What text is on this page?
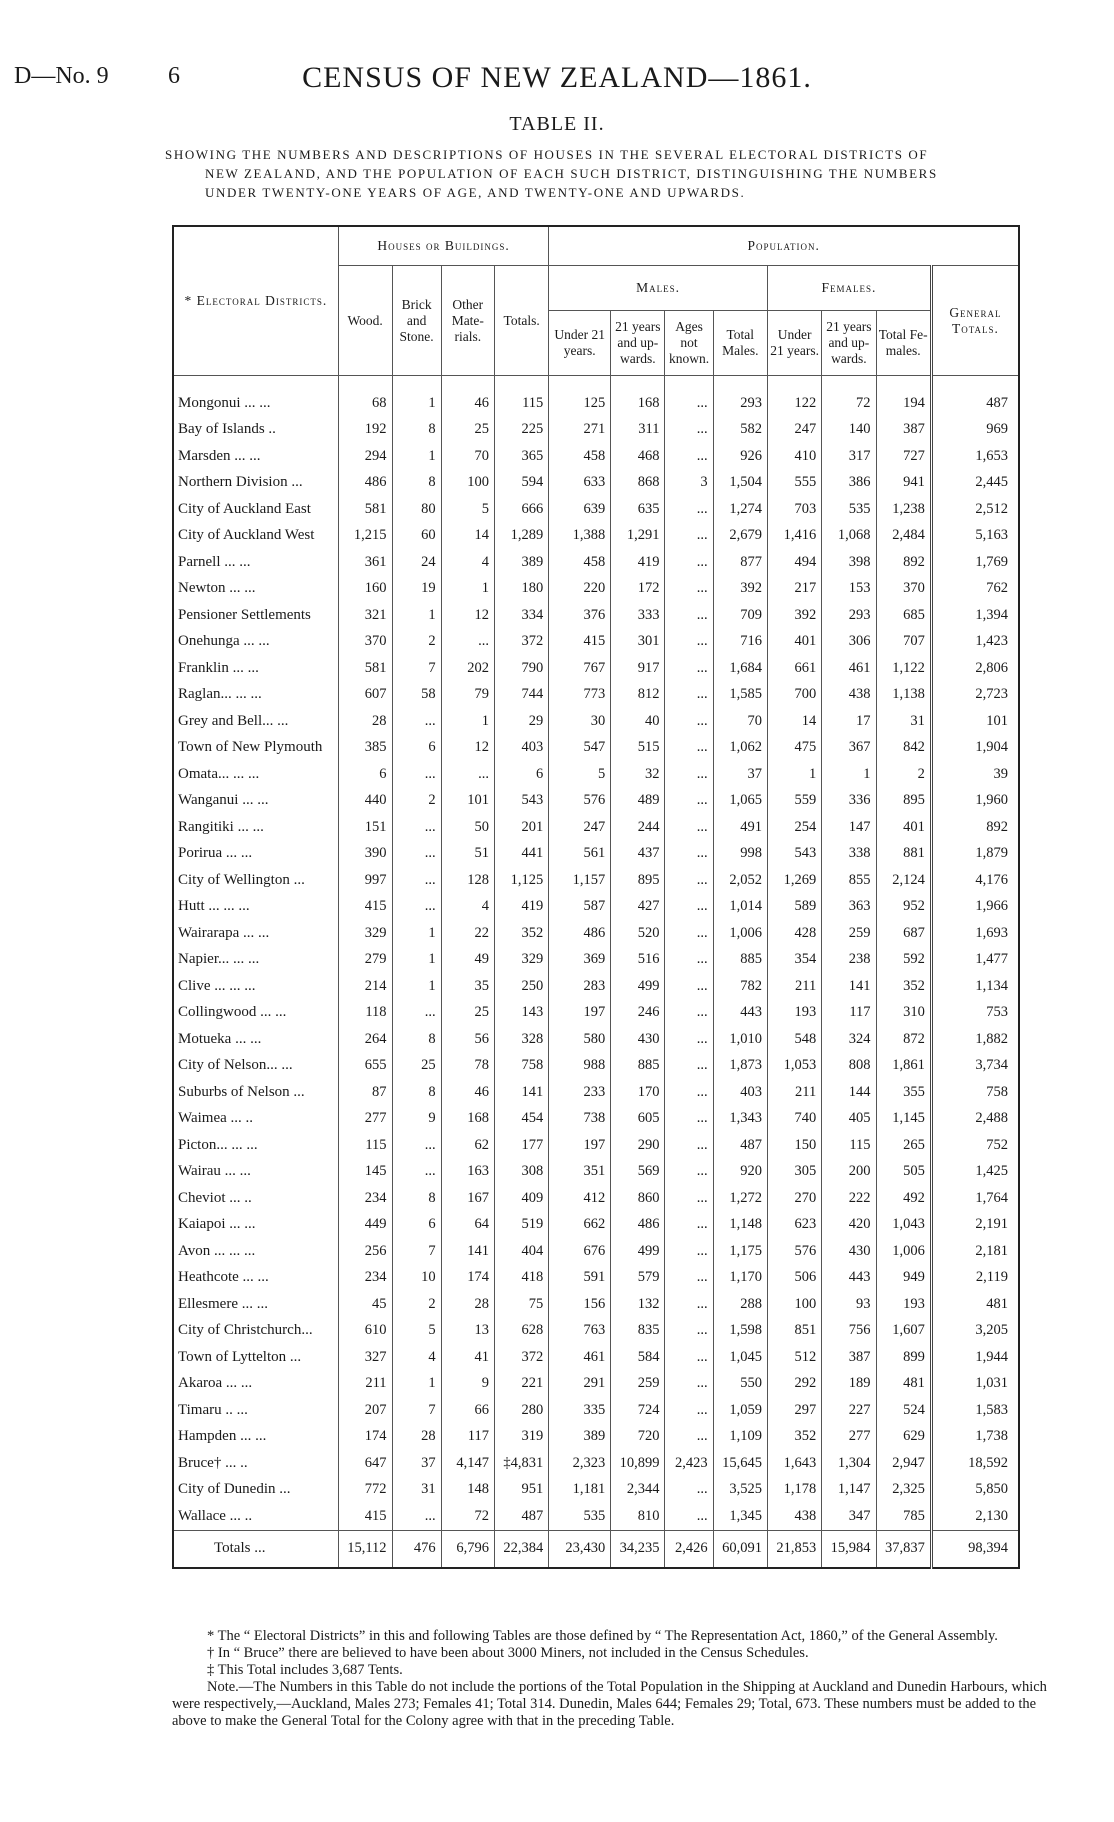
D—No. 9 6	CENSUS OF NEW ZEALAND—1861.
TABLE II.
SHOWING THE NUMBERS AND DESCRIPTIONS OF HOUSES IN THE SEVERAL ELECTORAL DISTRICTS OF
NEW ZEALAND, AND THE POPULATION OF EACH SUCH DISTRICT, DISTINGUISHING THE NUMBERS
UNDER TWENTY-ONE YEARS OF AGE, AND TWENTY-ONE AND UPWARDS.
* Electoral Districts.	Houses or Buildings.				Population.							
	Wood.	Brick and Stone.	Other Mate-rials.	Totals.	Males.				Females.			General Totals.
					Under 21 years.	21 years and up-wards.	Ages not known.	Total Males.	Under 21 years.	21 years and up-wards.	Total Fe-males.	
Mongonui ... ...	68	1	46	115	125	168	...	293	122	72	194	487
Bay of Islands ..	192	8	25	225	271	311	...	582	247	140	387	969
Marsden ... ...	294	1	70	365	458	468	...	926	410	317	727	1,653
Northern Division ...	486	8	100	594	633	868	3	1,504	555	386	941	2,445
City of Auckland East	581	80	5	666	639	635	...	1,274	703	535	1,238	2,512
City of Auckland West	1,215	60	14	1,289	1,388	1,291	...	2,679	1,416	1,068	2,484	5,163
Parnell ... ...	361	24	4	389	458	419	...	877	494	398	892	1,769
Newton ... ...	160	19	1	180	220	172	...	392	217	153	370	762
Pensioner Settlements	321	1	12	334	376	333	...	709	392	293	685	1,394
Onehunga ... ...	370	2	...	372	415	301	...	716	401	306	707	1,423
Franklin ... ...	581	7	202	790	767	917	...	1,684	661	461	1,122	2,806
Raglan... ... ...	607	58	79	744	773	812	...	1,585	700	438	1,138	2,723
Grey and Bell... ...	28	...	1	29	30	40	...	70	14	17	31	101
Town of New Plymouth	385	6	12	403	547	515	...	1,062	475	367	842	1,904
Omata... ... ...	6	...	...	6	5	32	...	37	1	1	2	39
Wanganui ... ...	440	2	101	543	576	489	...	1,065	559	336	895	1,960
Rangitiki ... ...	151	...	50	201	247	244	...	491	254	147	401	892
Porirua ... ...	390	...	51	441	561	437	...	998	543	338	881	1,879
City of Wellington ...	997	...	128	1,125	1,157	895	...	2,052	1,269	855	2,124	4,176
Hutt ... ... ...	415	...	4	419	587	427	...	1,014	589	363	952	1,966
Wairarapa ... ...	329	1	22	352	486	520	...	1,006	428	259	687	1,693
Napier... ... ...	279	1	49	329	369	516	...	885	354	238	592	1,477
Clive ... ... ...	214	1	35	250	283	499	...	782	211	141	352	1,134
Collingwood ... ...	118	...	25	143	197	246	...	443	193	117	310	753
Motueka ... ...	264	8	56	328	580	430	...	1,010	548	324	872	1,882
City of Nelson... ...	655	25	78	758	988	885	...	1,873	1,053	808	1,861	3,734
Suburbs of Nelson ...	87	8	46	141	233	170	...	403	211	144	355	758
Waimea ... ..	277	9	168	454	738	605	...	1,343	740	405	1,145	2,488
Picton... ... ...	115	...	62	177	197	290	...	487	150	115	265	752
Wairau ... ...	145	...	163	308	351	569	...	920	305	200	505	1,425
Cheviot ... ..	234	8	167	409	412	860	...	1,272	270	222	492	1,764
Kaiapoi ... ...	449	6	64	519	662	486	...	1,148	623	420	1,043	2,191
Avon ... ... ...	256	7	141	404	676	499	...	1,175	576	430	1,006	2,181
Heathcote ... ...	234	10	174	418	591	579	...	1,170	506	443	949	2,119
Ellesmere ... ...	45	2	28	75	156	132	...	288	100	93	193	481
City of Christchurch...	610	5	13	628	763	835	...	1,598	851	756	1,607	3,205
Town of Lyttelton ...	327	4	41	372	461	584	...	1,045	512	387	899	1,944
Akaroa ... ...	211	1	9	221	291	259	...	550	292	189	481	1,031
Timaru .. ...	207	7	66	280	335	724	...	1,059	297	227	524	1,583
Hampden ... ...	174	28	117	319	389	720	...	1,109	352	277	629	1,738
Bruce† ... ..	647	37	4,147	‡4,831	2,323	10,899	2,423	15,645	1,643	1,304	2,947	18,592
City of Dunedin ...	772	31	148	951	1,181	2,344	...	3,525	1,178	1,147	2,325	5,850
Wallace ... ..	415	...	72	487	535	810	...	1,345	438	347	785	2,130
Totals ...	15,112	476	6,796	22,384	23,430	34,235	2,426	60,091	21,853	15,984	37,837	98,394

* The “ Electoral Districts” in this and following Tables are those defined by “ The Representation Act, 1860,” of the General Assembly.

† In “ Bruce” there are believed to have been about 3000 Miners, not included in the Census Schedules.

‡ This Total includes 3,687 Tents.

Note.—The Numbers in this Table do not include the portions of the Total Population in the Shipping at Auckland and Dunedin Harbours, which were respectively,—Auckland, Males 273; Females 41; Total 314. Dunedin, Males 644; Females 29; Total, 673. These numbers must be added to the above to make the General Total for the Colony agree with that in the preceding Table.
